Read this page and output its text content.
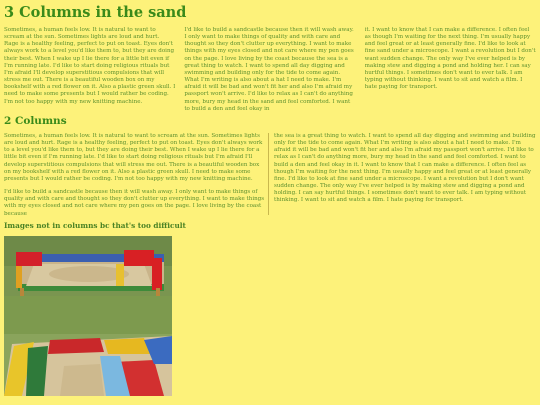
3 Columns in the sand

Sometimes, a human feels low. It is natural to want to scream at the sun. Sometimes lights are loud and hurt. Rage is a healthy feeling, perfect to put on toast. Eyes don't always work to a level you'd like them to, but they are doing their best. When I wake up I lie there for a little bit even if I'm running late. I'd like to start doing religious rituals but I'm afraid I'll develop superstitious compulsions that will stress me out. There is a beautiful wooden box on my bookshelf with a red flower on it. Also a plastic green skull. I need to make some presents but I would rather be coding. I'm not too happy with my new knitting machine.

I'd like to build a sandcastle because then it will wash away. I only want to make things of quality and with care and thought so they don't clutter up everything. I want to make things with my eyes closed and not care where my pen goes on the page. I love living by the coast because the sea is a great thing to watch. I want to spend all day digging and swimming and building only for the tide to come again. What I'm writing is also about a hat I need to make. I'm afraid it will be bad and won't fit her and also I'm afraid my passport won't arrive. I'd like to relax as I can't do anything more, bury my head in the sand and feel comforted. I want to build a den and feel okay in

it. I want to know that I can make a difference. I often feel as though I'm waiting for the next thing. I'm usually happy and feel great or at least generally fine. I'd like to look at fine sand under a microscope. I want a revolution but I don't want sudden change. The only way I've ever helped is by making stew and digging a pond and holding her. I can say hurtful things. I sometimes don't want to ever talk. I am typing without thinking. I want to sit and watch a film. I hate paying for transport.

2 Columns

Sometimes, a human feels low. It is natural to want to scream at the sun. Sometimes lights are loud and hurt. Rage is a healthy feeling, perfect to put on toast. Eyes don't always work to a level you'd like them to, but they are doing their best. When I wake up I lie there for a little bit even if I'm running late. I'd like to start doing religious rituals but I'm afraid I'll develop superstitious compulsions that will stress me out. There is a beautiful wooden box on my bookshelf with a red flower on it. Also a plastic green skull. I need to make some presents but I would rather be coding. I'm not too happy with my new knitting machine.

I'd like to build a sandcastle because then it will wash away. I only want to make things of quality and with care and thought so they don't clutter up everything. I want to make things with my eyes closed and not care where my pen goes on the page. I love living by the coast because

the sea is a great thing to watch. I want to spend all day digging and swimming and building only for the tide to come again. What I'm writing is also about a hat I need to make. I'm afraid it will be bad and won't fit her and also I'm afraid my passport won't arrive. I'd like to relax as I can't do anything more, bury my head in the sand and feel comforted. I want to build a den and feel okay in it. I want to know that I can make a difference. I often feel as though I'm waiting for the next thing. I'm usually happy and feel great or at least generally fine. I'd like to look at fine sand under a microscope. I want a revolution but I don't want sudden change. The only way I've ever helped is by making stew and digging a pond and holding. I can say hurtful things. I sometimes don't want to ever talk. I am typing without thinking. I want to sit and watch a film. I hate paying for transport.

Images not in columns bc that's too difficult
